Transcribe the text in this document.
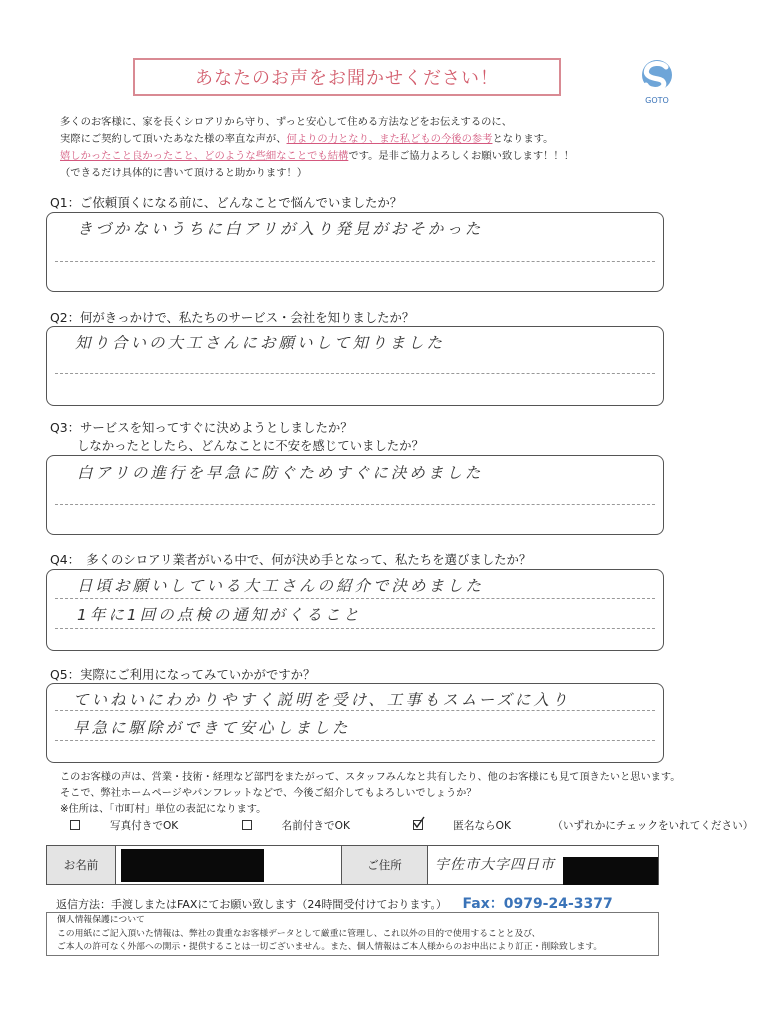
あなたのお声をお聞かせください！
GOTO
多くのお客様に、家を長くシロアリから守り、ずっと安心して住める方法などをお伝えするのに、
実際にご契約して頂いたあなた様の率直な声が、何よりの力となり、また私どもの今後の参考となります。
嬉しかったこと良かったこと、どのような些細なことでも結構です。是非ご協力よろしくお願い致します！！！
（できるだけ具体的に書いて頂けると助かります！）
Q1：ご依頼頂くになる前に、どんなことで悩んでいましたか？
きづかないうちに白アリが入り発見がおそかった
Q2：何がきっかけで、私たちのサービス・会社を知りましたか？
知り合いの大工さんにお願いして知りました
Q3：サービスを知ってすぐに決めようとしましたか？
しなかったとしたら、どんなことに不安を感じていましたか？
白アリの進行を早急に防ぐためすぐに決めました
Q4：　多くのシロアリ業者がいる中で、何が決め手となって、私たちを選びましたか？
日頃お願いしている大工さんの紹介で決めました
1年に1回の点検の通知がくること
Q5：実際にご利用になってみていかがですか？
ていねいにわかりやすく説明を受け、工事もスムーズに入り
早急に駆除ができて安心しました
このお客様の声は、営業・技術・経理など部門をまたがって、スタッフみんなと共有したり、他のお客様にも見て頂きたいと思います。
そこで、弊社ホームページやパンフレットなどで、今後ご紹介してもよろしいでしょうか？
※住所は、「市町村」単位の表記になります。
写真付きでOK	名前付きでOK	匿名ならOK	（いずれかにチェックをいれてください）
お名前	ご住所	宇佐市大字四日市
返信方法：手渡しまたはFAXにてお願い致します（24時間受付けております。） Fax：0979-24-3377
個人情報保護について
この用紙にご記入頂いた情報は、弊社の貴重なお客様データとして厳重に管理し、これ以外の目的で使用することと及び、
ご本人の許可なく外部への開示・提供することは一切ございません。また、個人情報はご本人様からのお申出により訂正・削除致します。
